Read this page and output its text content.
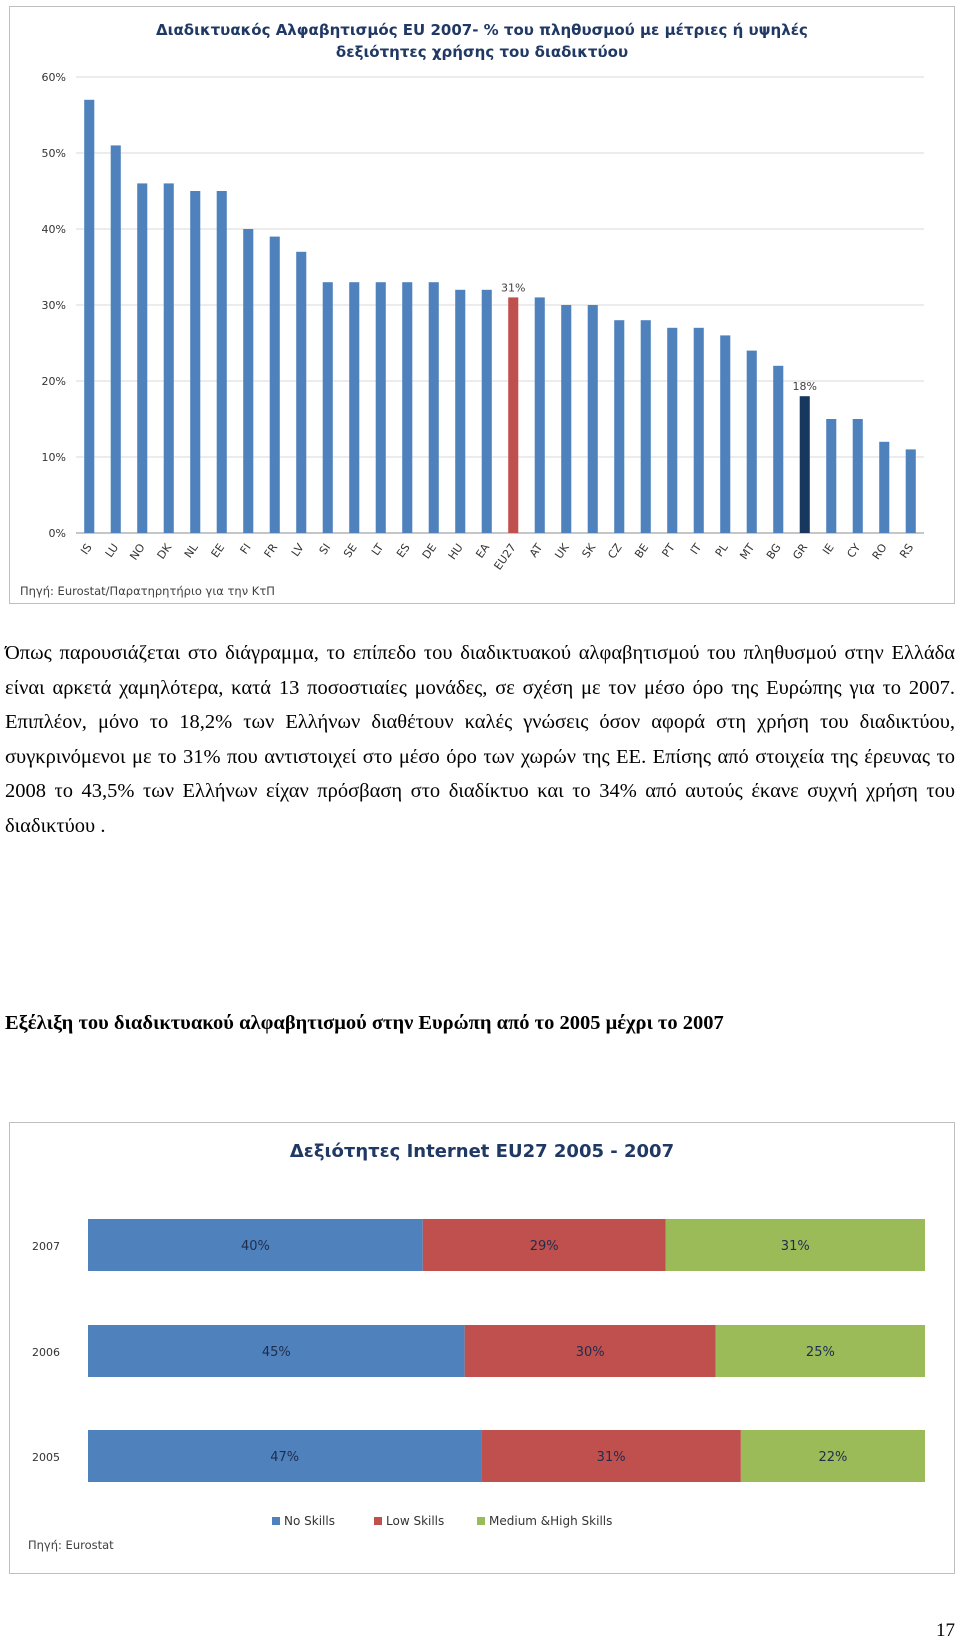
Διαδικτυακός Αλφαβητισμός EU 2007- % του πληθυσμού με μέτριες ή υψηλές
δεξιότητες χρήσης του διαδικτύου
0%
10%
20%
30%
40%
50%
60%
IS LU NO DK NL EE FI FR LV SI SE LT ES DE HU EA EU27 AT UK SK CZ BE PT IT PL MT BG GR IE CY RO RS
31%
18%
Πηγή: Eurostat/Παρατηρητήριο για την ΚτΠ

Όπως παρουσιάζεται στο διάγραμμα, το επίπεδο του διαδικτυακού αλφαβητισμού του πληθυσμού στην Ελλάδα είναι αρκετά χαμηλότερα, κατά 13 ποσοστιαίες μονάδες, σε σχέση με τον μέσο όρο της Ευρώπης για το 2007. Επιπλέον, μόνο το 18,2% των Ελλήνων διαθέτουν καλές γνώσεις όσον αφορά στη χρήση του διαδικτύου, συγκρινόμενοι με το 31% που αντιστοιχεί στο μέσο όρο των χωρών της ΕΕ. Επίσης από στοιχεία της έρευνας το 2008 το 43,5% των Ελλήνων είχαν πρόσβαση στο διαδίκτυο και το 34% από αυτούς έκανε συχνή χρήση του διαδικτύου .

Εξέλιξη του διαδικτυακού αλφαβητισμού στην Ευρώπη από το 2005 μέχρι το 2007

Δεξιότητες Internet EU27 2005 - 2007
2007	40%	29%	31%
2006	45%	30%	25%
2005	47%	31%	22%
No Skills	Low Skills	Medium &High Skills
Πηγή: Eurostat
17
